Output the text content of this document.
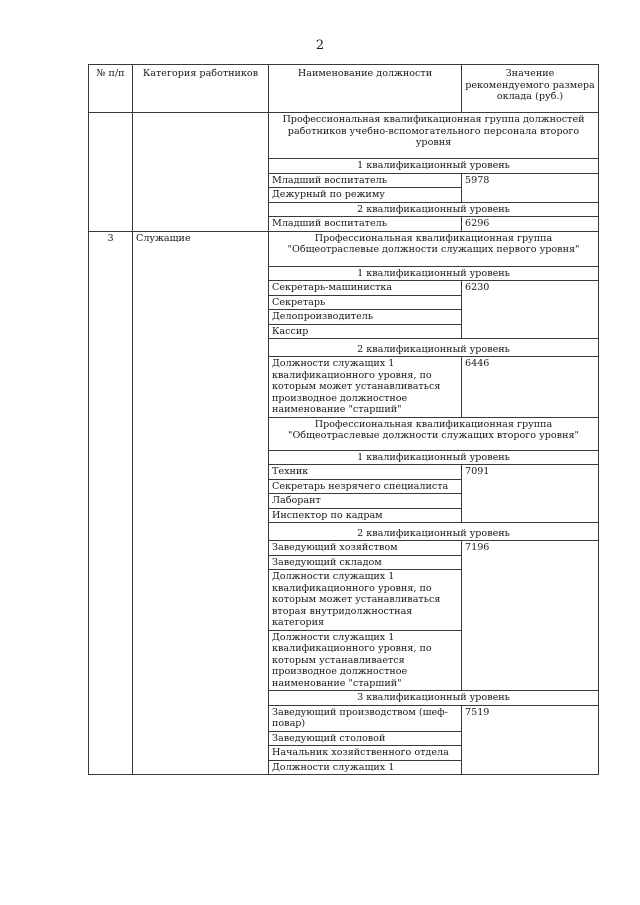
2
№ п/п	Категория работников	Наименование должности	Значение рекомендуемого размера оклада (руб.)
		Профессиональная квалификационная группа должностей работников учебно-вспомогательного персонала второго уровня	
		1 квалификационный уровень	
		Младший воспитатель	5978
		Дежурный по режиму	
		2 квалификационный уровень	
		Младший воспитатель	6296
3	Служащие	Профессиональная квалификационная группа "Общеотраслевые должности служащих первого уровня"	
		1 квалификационный уровень	
		Секретарь-машинистка	6230
		Секретарь	
		Делопроизводитель	
		Кассир	
		2 квалификационный уровень	
		Должности служащих 1 квалификационного уровня, по которым может устанавливаться производное должностное наименование "старший"	6446
		Профессиональная квалификационная группа "Общеотраслевые должности служащих второго уровня"	
		1 квалификационный уровень	
		Техник	7091
		Секретарь незрячего специалиста	
		Лаборант	
		Инспектор по кадрам	
		2 квалификационный уровень	
		Заведующий хозяйством	7196
		Заведующий складом	
		Должности служащих 1 квалификационного уровня, по которым может устанавливаться вторая внутридолжностная категория	
		Должности служащих 1 квалификационного уровня, по которым устанавливается производное должностное наименование "старший"	
		3 квалификационный уровень	
		Заведующий производством (шеф-повар)	7519
		Заведующий столовой	
		Начальник хозяйственного отдела	
		Должности служащих 1	
